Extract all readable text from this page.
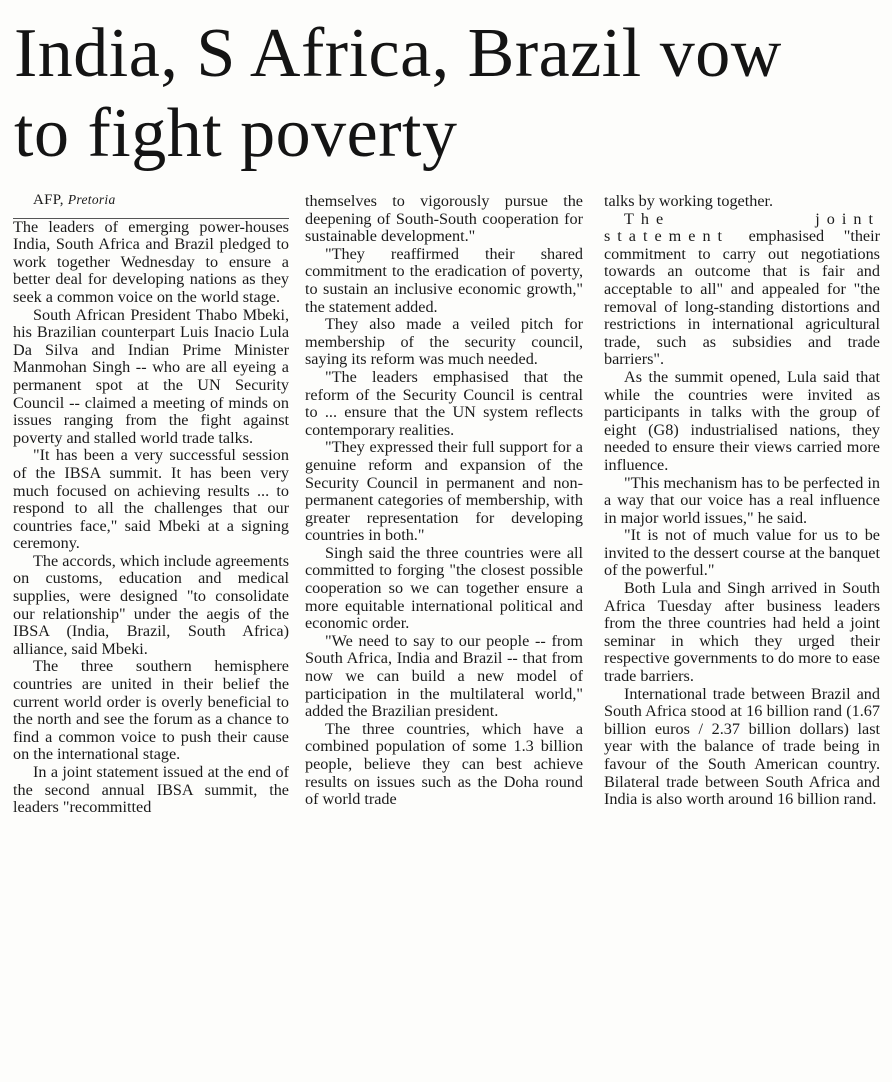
India, S Africa, Brazil vow
to fight poverty

AFP, Pretoria

The leaders of emerging power-houses India, South Africa and Brazil pledged to work together Wednesday to ensure a better deal for developing nations as they seek a common voice on the world stage.

South African President Thabo Mbeki, his Brazilian counterpart Luis Inacio Lula Da Silva and Indian Prime Minister Manmohan Singh -- who are all eyeing a permanent spot at the UN Security Council -- claimed a meeting of minds on issues ranging from the fight against poverty and stalled world trade talks.

"It has been a very successful session of the IBSA summit. It has been very much focused on achieving results ... to respond to all the challenges that our countries face," said Mbeki at a signing ceremony.

The accords, which include agreements on customs, education and medical supplies, were designed "to consolidate our relationship" under the aegis of the IBSA (India, Brazil, South Africa) alliance, said Mbeki.

The three southern hemisphere countries are united in their belief the current world order is overly beneficial to the north and see the forum as a chance to find a common voice to push their cause on the international stage.

In a joint statement issued at the end of the second annual IBSA summit, the leaders "recommitted

themselves to vigorously pursue the deepening of South-South cooperation for sustainable development."

"They reaffirmed their shared commitment to the eradication of poverty, to sustain an inclusive economic growth," the statement added.

They also made a veiled pitch for membership of the security council, saying its reform was much needed.

"The leaders emphasised that the reform of the Security Council is central to ... ensure that the UN system reflects contemporary realities.

"They expressed their full support for a genuine reform and expansion of the Security Council in permanent and non-permanent categories of membership, with greater representation for developing countries in both."

Singh said the three countries were all committed to forging "the closest possible cooperation so we can together ensure a more equitable international political and economic order.

"We need to say to our people -- from South Africa, India and Brazil -- that from now we can build a new model of participation in the multilateral world," added the Brazilian president.

The three countries, which have a combined population of some 1.3 billion people, believe they can best achieve results on issues such as the Doha round of world trade

talks by working together.

The joint statement emphasised "their commitment to carry out negotiations towards an outcome that is fair and acceptable to all" and appealed for "the removal of long-standing distortions and restrictions in international agricultural trade, such as subsidies and trade barriers".

As the summit opened, Lula said that while the countries were invited as participants in talks with the group of eight (G8) industrialised nations, they needed to ensure their views carried more influence.

"This mechanism has to be perfected in a way that our voice has a real influence in major world issues," he said.

"It is not of much value for us to be invited to the dessert course at the banquet of the powerful."

Both Lula and Singh arrived in South Africa Tuesday after business leaders from the three countries had held a joint seminar in which they urged their respective governments to do more to ease trade barriers.

International trade between Brazil and South Africa stood at 16 billion rand (1.67 billion euros / 2.37 billion dollars) last year with the balance of trade being in favour of the South American country. Bilateral trade between South Africa and India is also worth around 16 billion rand.
